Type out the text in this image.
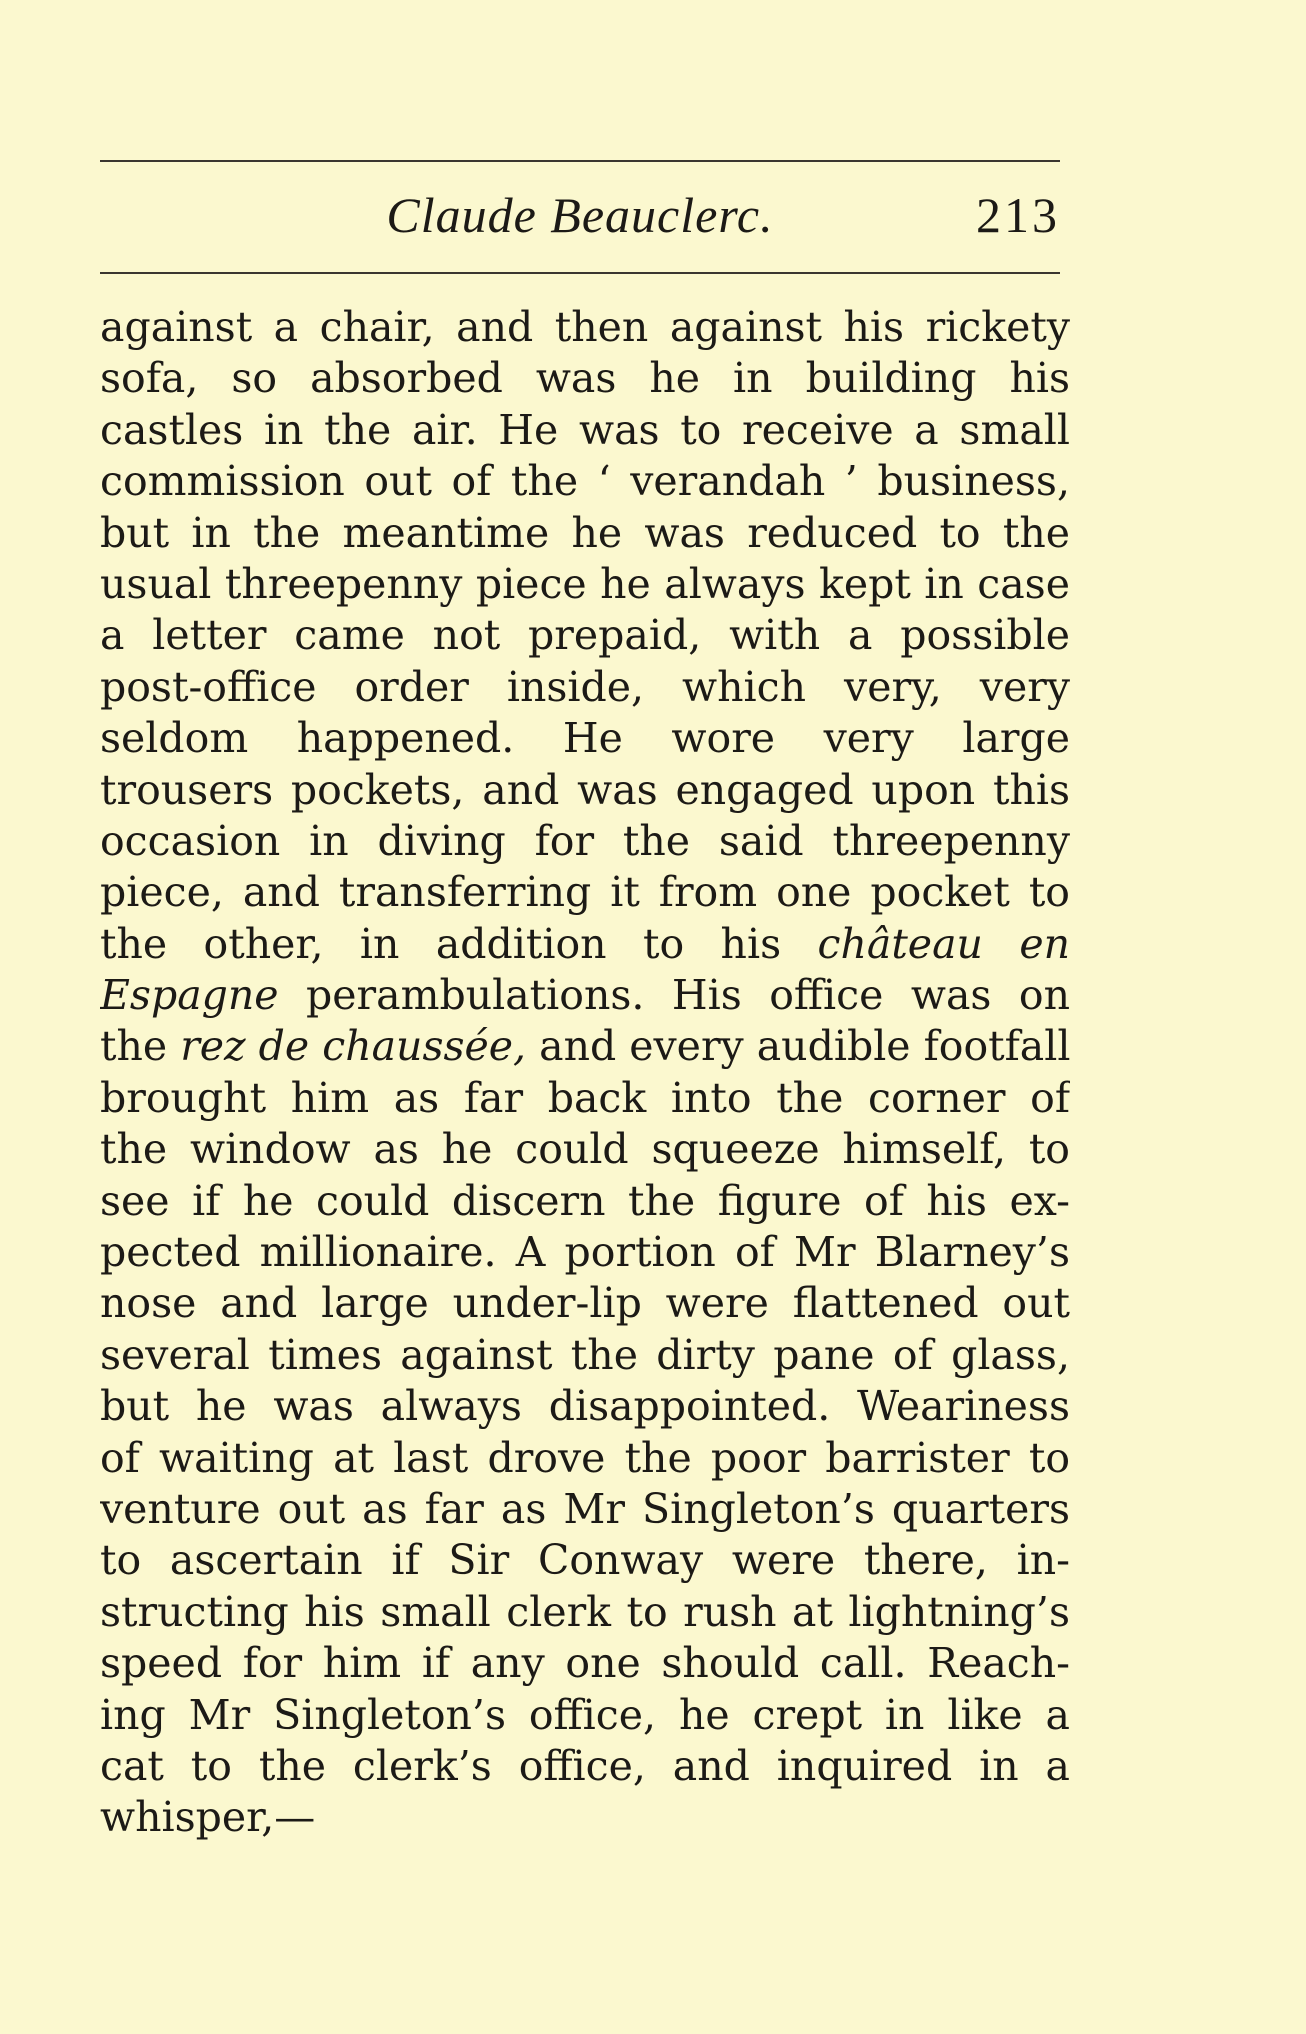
Claude Beauclerc.	213
against a chair, and then against his rickety
sofa, so absorbed was he in building his
castles in the air. He was to receive a small
commission out of the ‘ verandah ’ business,
but in the meantime he was reduced to the
usual threepenny piece he always kept in case
a letter came not prepaid, with a possible
post-office order inside, which very, very
seldom happened. He wore very large
trousers pockets, and was engaged upon this
occasion in diving for the said threepenny
piece, and transferring it from one pocket to
the other, in addition to his château en
Espagne perambulations. His office was on
the rez de chaussée, and every audible footfall
brought him as far back into the corner of
the window as he could squeeze himself, to
see if he could discern the figure of his ex-
pected millionaire. A portion of Mr Blarney’s
nose and large under-lip were flattened out
several times against the dirty pane of glass,
but he was always disappointed. Weariness
of waiting at last drove the poor barrister to
venture out as far as Mr Singleton’s quarters
to ascertain if Sir Conway were there, in-
structing his small clerk to rush at lightning’s
speed for him if any one should call. Reach-
ing Mr Singleton’s office, he crept in like a
cat to the clerk’s office, and inquired in a
whisper,—
